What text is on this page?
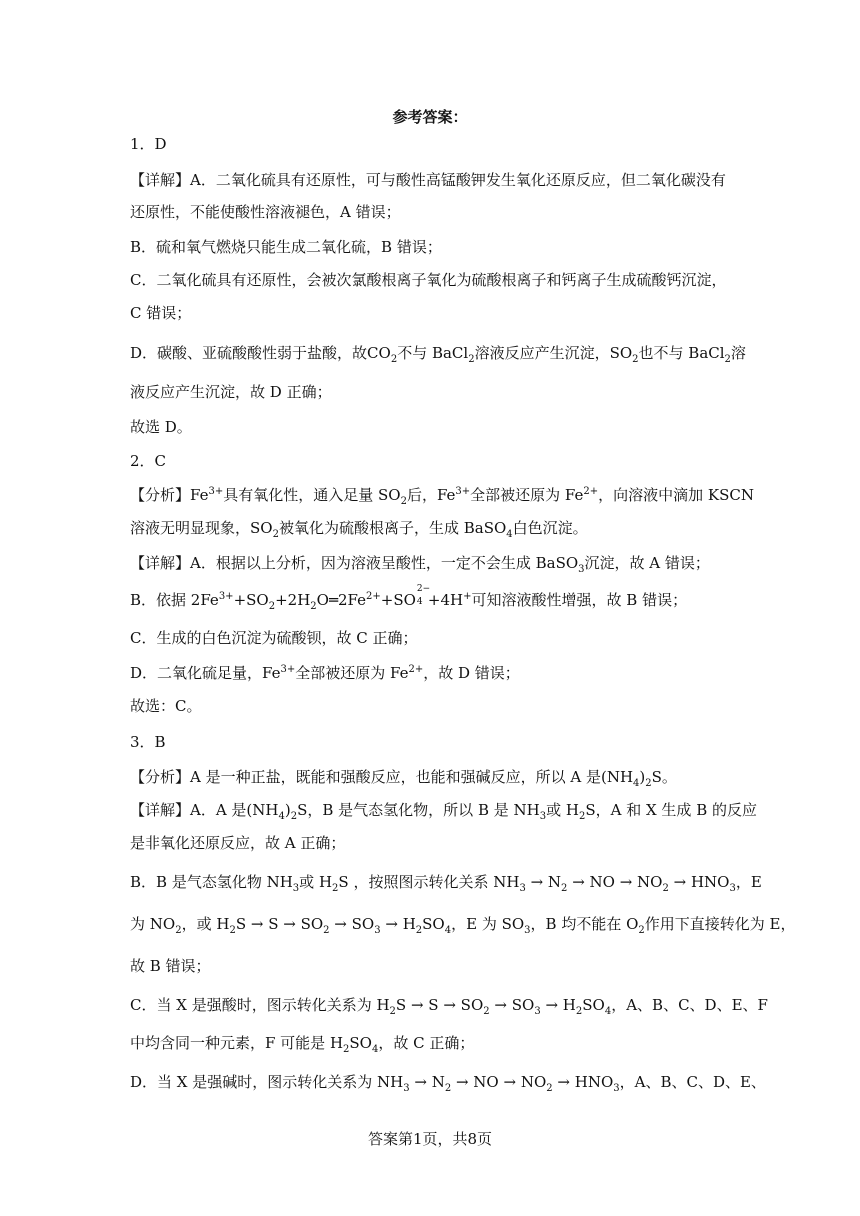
参考答案：
1．D
【详解】A．二氧化硫具有还原性，可与酸性高锰酸钾发生氧化还原反应，但二氧化碳没有
还原性，不能使酸性溶液褪色，A 错误；
B．硫和氧气燃烧只能生成二氧化硫，B 错误；
C．二氧化硫具有还原性，会被次氯酸根离子氧化为硫酸根离子和钙离子生成硫酸钙沉淀，
C 错误；
D．碳酸、亚硫酸酸性弱于盐酸，故$CO_2$不与 BaCl$_2$溶液反应产生沉淀，$SO_2$也不与 BaCl$_2$溶
液反应产生沉淀，故 D 正确；
故选 D。
2．C
【分析】$Fe^{3+}$具有氧化性，通入足量 $SO_2$后，$Fe^{3+}$全部被还原为 $Fe^{2+}$，向溶液中滴加 KSCN
溶液无明显现象，$SO_2$被氧化为硫酸根离子，生成 BaSO$_4$白色沉淀。
【详解】A．根据以上分析，因为溶液呈酸性，一定不会生成 BaSO$_3$沉淀，故 A 错误；
B．依据 $2Fe^{3+}+SO_2+2H_2O═2Fe^{2+}+SO$
2−
4 +4H+可知溶液酸性增强，故 B 错误；
C．生成的白色沉淀为硫酸钡，故 C 正确；
D．二氧化硫足量，$Fe^{3+}$全部被还原为 $Fe^{2+}$，故 D 错误；
故选：C。
3．B
【分析】A 是一种正盐，既能和强酸反应，也能和强碱反应，所以 A 是$(NH_4)_2S$。
【详解】A．A 是$(NH_4)_2S$，B 是气态氢化物，所以 B 是 $NH_3$或 $H_2S$，A 和 X 生成 B 的反应
是非氧化还原反应，故 A 正确；
B．B 是气态氢化物 $NH_3$或 $H_2S$ ，按照图示转化关系 $NH_3 \to N_2$ → NO → $NO_2 \to HNO_3$，E
为 $NO_2$，或 $H_2S \to S \to SO_2 \to SO_3 \to H_2SO_4$，E 为 $SO_3$，B 均不能在 $O_2$作用下直接转化为 E，
故 B 错误；
C．当 X 是强酸时，图示转化关系为 $H_2S \to S \to SO_2 \to SO_3 \to H_2SO_4$，A、B、C、D、E、F
中均含同一种元素，F 可能是 $H_2SO_4$，故 C 正确；
D．当 X 是强碱时，图示转化关系为 $NH_3 \to N_2$ → NO → $NO_2 \to HNO_3$，A、B、C、D、E、
答案第1页，共8页
